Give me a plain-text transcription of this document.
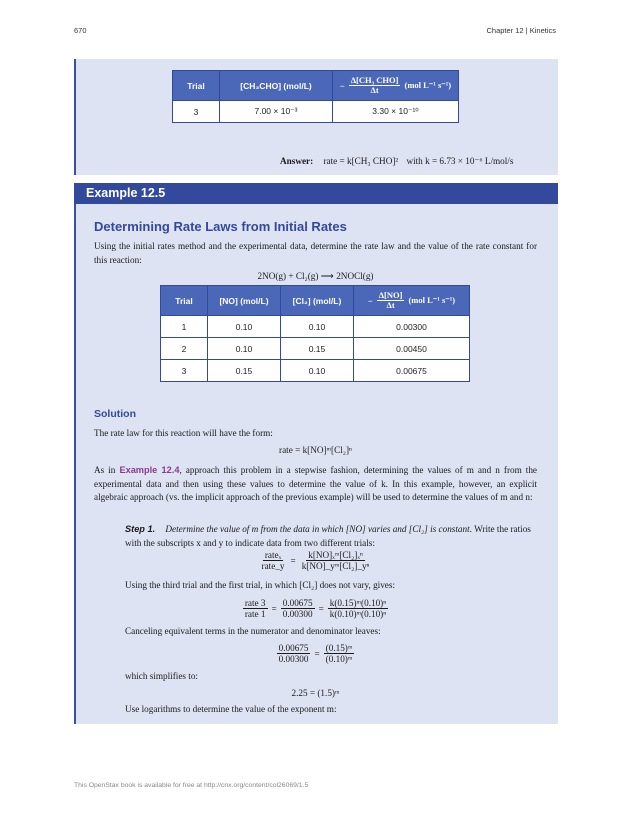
670	Chapter 12 | Kinetics
Trial	[CH₃CHO] (mol/L)	− $\frac{\text{Δ[CH₃ CHO]}}{\Delta t} (mol$ L⁻¹ s⁻¹)

3	7.00 × 10⁻³	3.30 × 10⁻¹⁰
Answer: rate = k[CH₃ CHO]² with k = 6.73 × 10⁻⁶ L/mol/s
Example 12.5
Determining Rate Laws from Initial Rates
Using the initial rates method and the experimental data, determine the rate law and the value of the rate constant for this reaction:
2NO(g) + Cl₂(g) ⟶ 2NOCl(g)
Trial	[NO] (mol/L)	[Cl₂] (mol/L)	− $\frac{\Delta[NO]}{\Delta t} (mol$ L⁻¹ s⁻¹)

1	0.10	0.10	0.00300
2	0.10	0.15	0.00450
3	0.15	0.10	0.00675
Solution
The rate law for this reaction will have the form:
rate = k[NO]ᵐ[Cl₂]ⁿ
As in Example 12.4, approach this problem in a stepwise fashion, determining the values of m and n from the experimental data and then using these values to determine the value of k. In this example, however, an explicit algebraic approach (vs. the implicit approach of the previous example) will be used to determine the values of m and n:
Step 1. Determine the value of m from the data in which [NO] varies and [Cl₂] is constant. Write the ratios with the subscripts x and y to indicate data from two different trials:
$\frac{\text{rateₓ}}{\text{rate\_y}} = \frac{\text{k[NO]ₓᵐ[Cl₂]ₓⁿ}}{\text{k[NO]\_yᵐ[Cl₂]\_yⁿ}}$
Using the third trial and the first trial, in which [Cl₂] does not vary, gives:
$\frac{\text{rate 3}}{\text{rate 1}} = \frac{0.00675}{0.00300} = \frac{\text{k(0.15)ᵐ(0.10)ⁿ}}{\text{k(0.10)ᵐ(0.10)ⁿ}}$
Canceling equivalent terms in the numerator and denominator leaves:
$\frac{0.00675}{0.00300} = \frac{\text{(0.15)ᵐ}}{\text{(0.10)ᵐ}}$
which simplifies to:
2.25 = (1.5)ᵐ
Use logarithms to determine the value of the exponent m:
This OpenStax book is available for free at http://cnx.org/content/col26069/1.5
